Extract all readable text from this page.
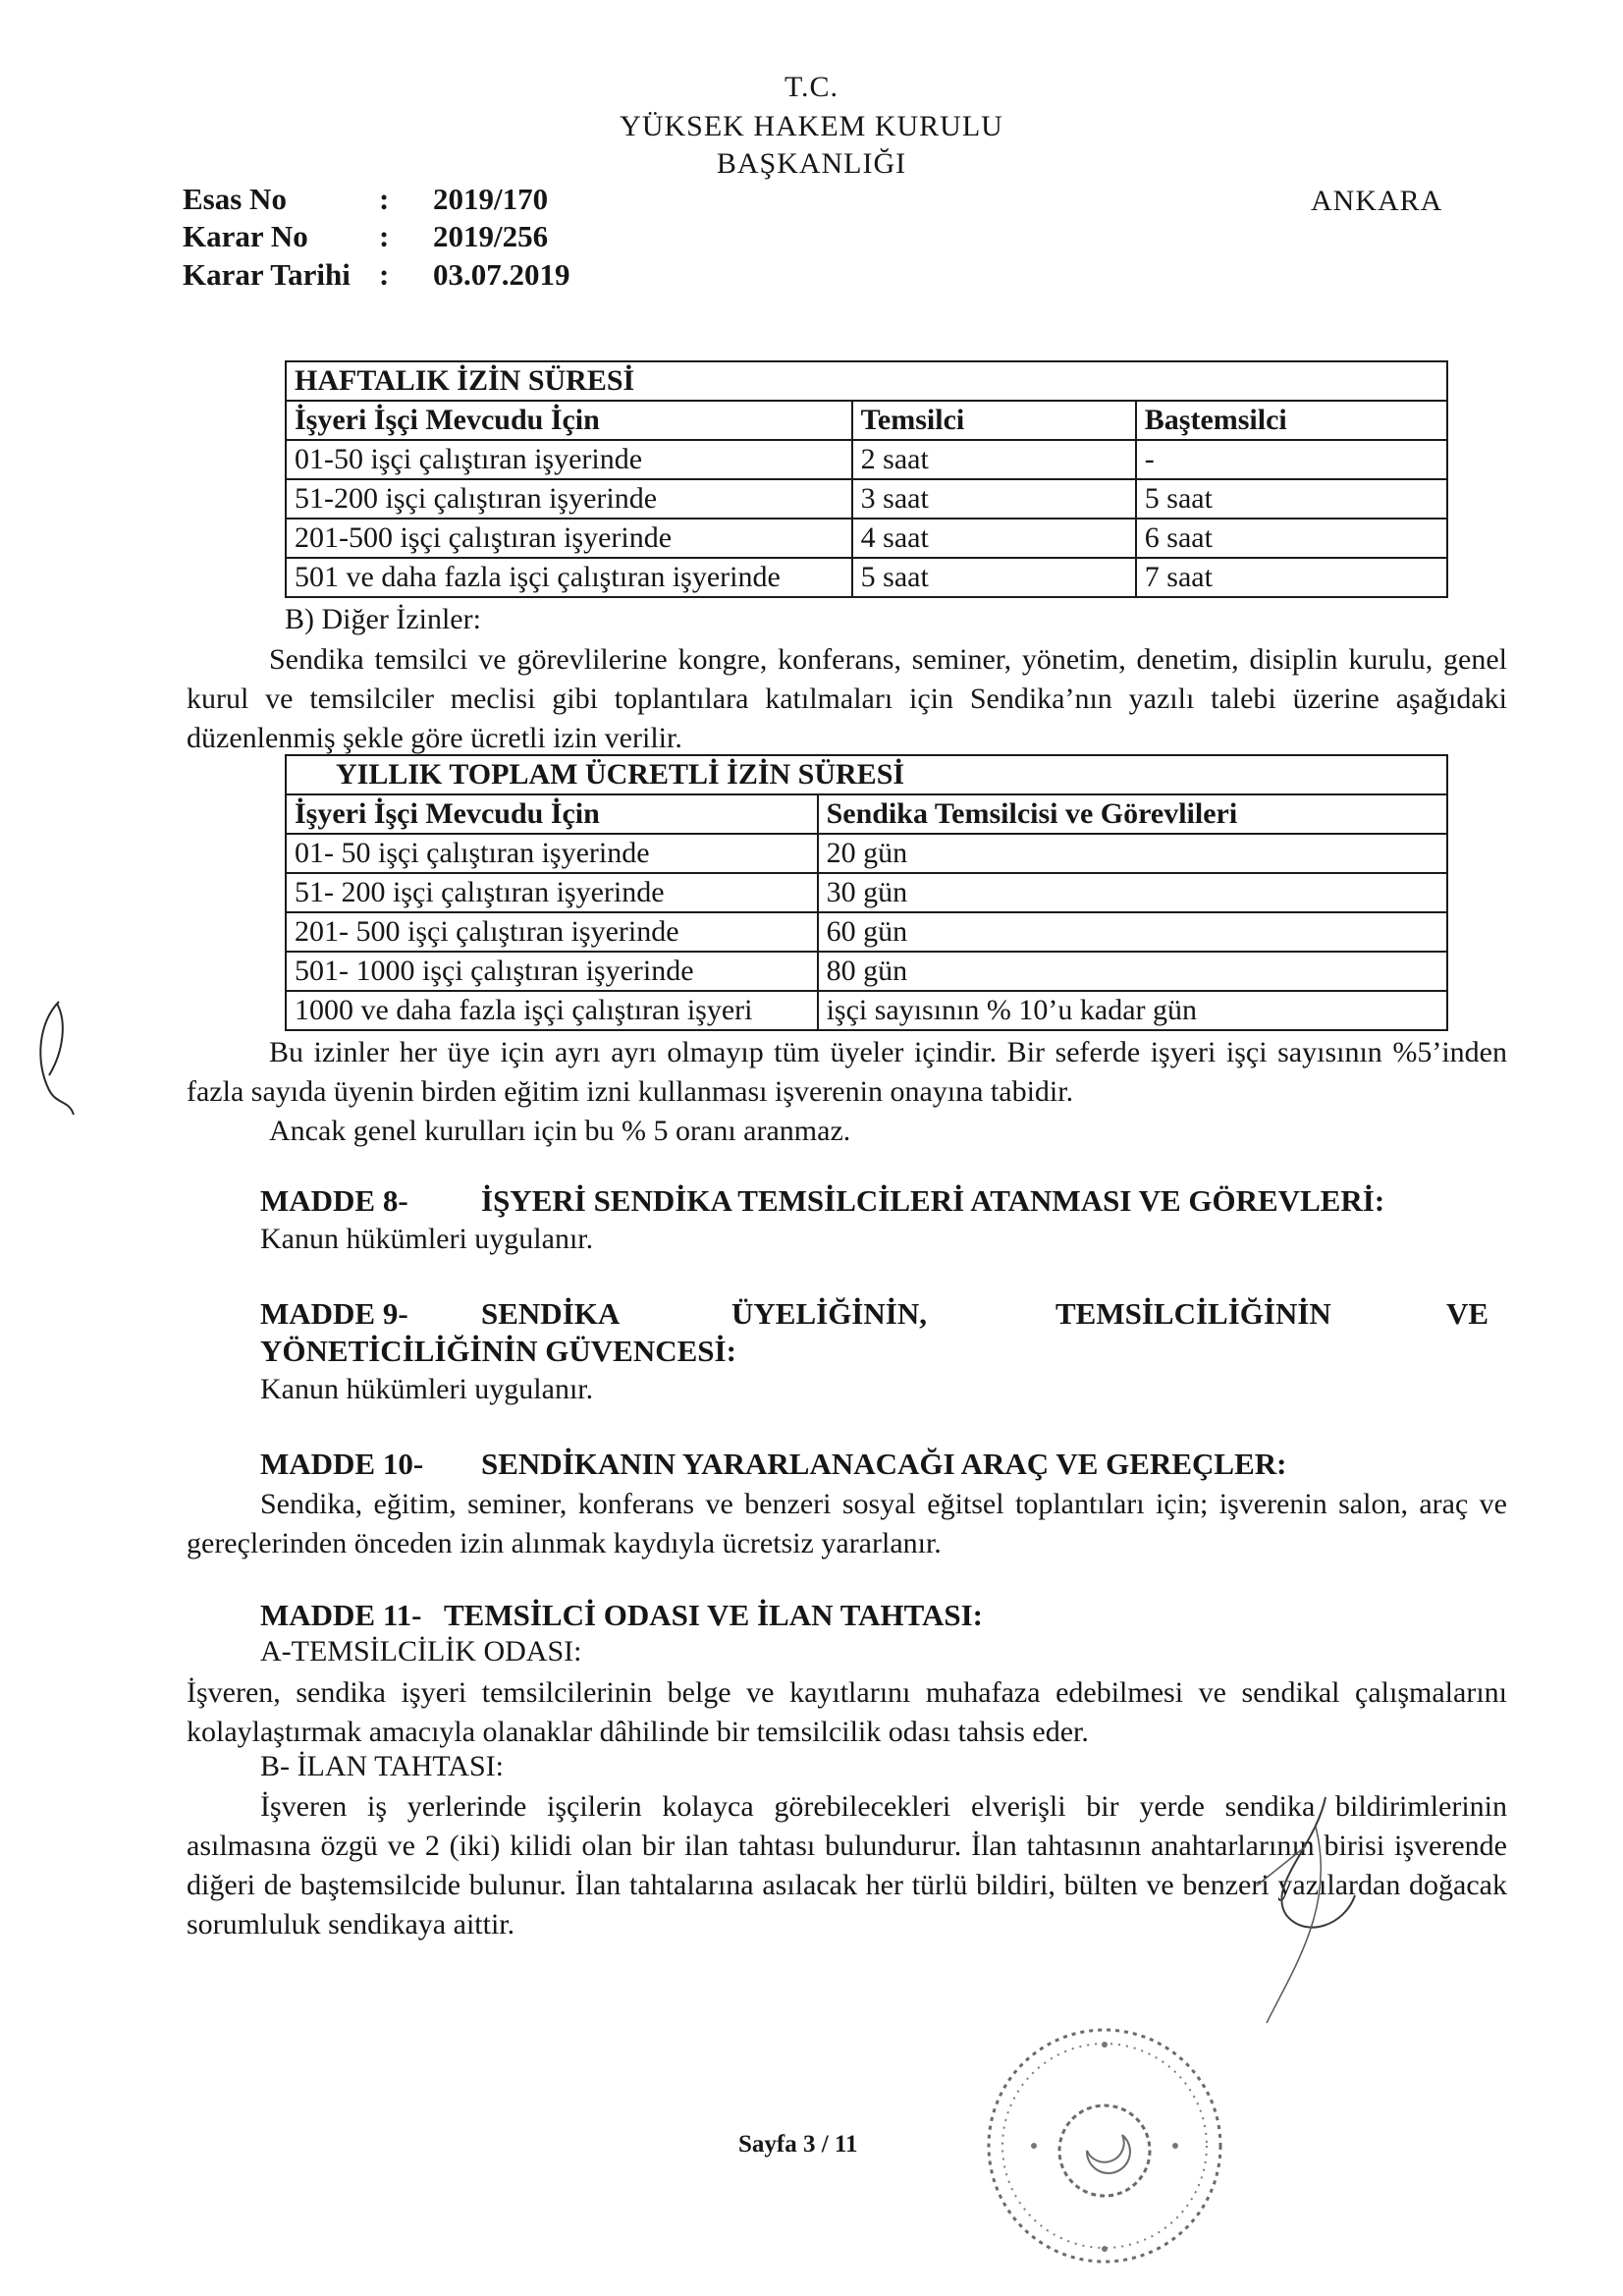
T.C.
YÜKSEK HAKEM KURULU
BAŞKANLIĞI
ANKARA
Esas No	: 2019/170
Karar No : 2019/256
Karar Tarihi : 03.07.2019
HAFTALIK İZİN SÜRESİ		
İşyeri İşçi Mevcudu İçin	Temsilci	Baştemsilci
01-50 işçi çalıştıran işyerinde	2 saat	-
51-200 işçi çalıştıran işyerinde	3 saat	5 saat
201-500 işçi çalıştıran işyerinde	4 saat	6 saat
501 ve daha fazla işçi çalıştıran işyerinde	5 saat	7 saat
B) Diğer İzinler:

Sendika temsilci ve görevlilerine kongre, konferans, seminer, yönetim, denetim, disiplin kurulu, genel kurul ve temsilciler meclisi gibi toplantılara katılmaları için Sendika’nın yazılı talebi üzerine aşağıdaki düzenlenmiş şekle göre ücretli izin verilir.

YILLIK TOPLAM ÜCRETLİ İZİN SÜRESİ	
İşyeri İşçi Mevcudu İçin	Sendika Temsilcisi ve Görevlileri
01- 50 işçi çalıştıran işyerinde	20 gün
51- 200 işçi çalıştıran işyerinde	30 gün
201- 500 işçi çalıştıran işyerinde	60 gün
501- 1000 işçi çalıştıran işyerinde	80 gün
1000 ve daha fazla işçi çalıştıran işyeri	işçi sayısının % 10’u kadar gün

Bu izinler her üye için ayrı ayrı olmayıp tüm üyeler içindir. Bir seferde işyeri işçi sayısının %5’inden fazla sayıda üyenin birden eğitim izni kullanması işverenin onayına tabidir.

Ancak genel kurulları için bu % 5 oranı aranmaz.

MADDE 8- İŞYERİ SENDİKA TEMSİLCİLERİ ATANMASI VE GÖREVLERİ:
Kanun hükümleri uygulanır.
MADDE 9- SENDİKA	ÜYELİĞİNİN,	TEMSİLCİLİĞİNİN	VE
YÖNETİCİLİĞİNİN GÜVENCESİ:
Kanun hükümleri uygulanır.
MADDE 10- SENDİKANIN YARARLANACAĞI ARAÇ VE GEREÇLER:

Sendika, eğitim, seminer, konferans ve benzeri sosyal eğitsel toplantıları için; işverenin salon, araç ve gereçlerinden önceden izin alınmak kaydıyla ücretsiz yararlanır.

MADDE 11- TEMSİLCİ ODASI VE İLAN TAHTASI:
A-TEMSİLCİLİK ODASI:

İşveren, sendika işyeri temsilcilerinin belge ve kayıtlarını muhafaza edebilmesi ve sendikal çalışmalarını kolaylaştırmak amacıyla olanaklar dâhilinde bir temsilcilik odası tahsis eder.

B- İLAN TAHTASI:

İşveren iş yerlerinde işçilerin kolayca görebilecekleri elverişli bir yerde sendika bildirimlerinin asılmasına özgü ve 2 (iki) kilidi olan bir ilan tahtası bulundurur. İlan tahtasının anahtarlarının birisi işverende diğeri de baştemsilcide bulunur. İlan tahtalarına asılacak her türlü bildiri, bülten ve benzeri yazılardan doğacak sorumluluk sendikaya aittir.

Sayfa 3 / 11
